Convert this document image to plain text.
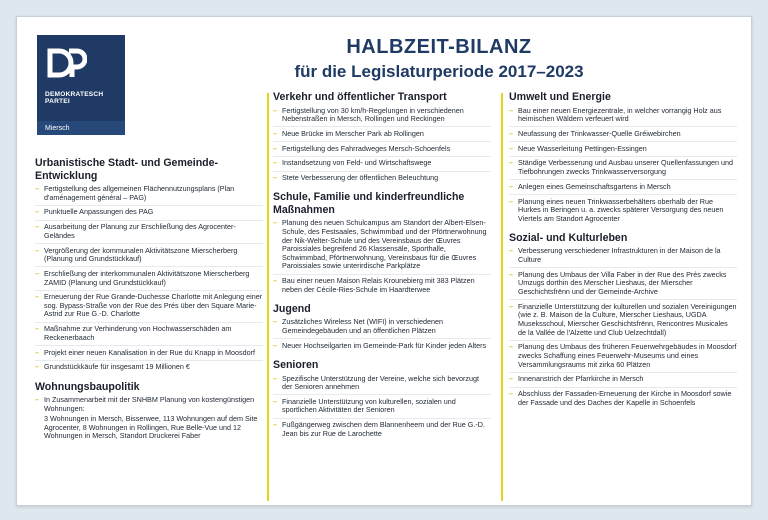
DEMOKRATESCH
PARTEI
Miersch
HALBZEIT-BILANZ
für die Legislaturperiode 2017–2023
Urbanistische Stadt- und Gemeinde-Entwicklung
– Fertigstellung des allgemeinen Flächennutzungsplans (Plan d'aménagement général – PAG)
– Punktuelle Anpassungen des PAG
– Ausarbeitung der Planung zur Erschließung des Agrocenter-Geländes
– Vergrößerung der kommunalen Aktivitätszone Mierscherberg (Planung und Grundstückkauf)
– Erschließung der interkommunalen Aktivitätszone Mierscherberg ZAMID (Planung und Grundstückkauf)
– Erneuerung der Rue Grande-Duchesse Charlotte mit Anlegung einer sog. Bypass-Straße von der Rue des Prés über den Square Marie-Astrid zur Rue G.-D. Charlotte
– Maßnahme zur Verhinderung von Hochwasserschäden am Reckenerbaach
– Projekt einer neuen Kanalisation in der Rue du Knapp in Moosdorf
– Grundstückkäufe für insgesamt 19 Millionen €
Wohnungsbaupolitik
– In Zusammenarbeit mit der SNHBM Planung von kostengünstigen Wohnungen:
3 Wohnungen in Mersch, Bisserwee, 113 Wohnungen auf dem Site Agrocenter, 8 Wohnungen in Rollingen, Rue Belle-Vue und 12 Wohnungen in Mersch, Standort Druckerei Faber
Verkehr und öffentlicher Transport
– Fertigstellung von 30 km/h-Regelungen in verschiedenen Nebenstraßen in Mersch, Rollingen und Reckingen
– Neue Brücke im Merscher Park ab Rollingen
– Fertigstellung des Fahrradweges Mersch-Schoenfels
– Instandsetzung von Feld- und Wirtschaftswege
– Stete Verbesserung der öffentlichen Beleuchtung
Schule, Familie und kinderfreundliche Maßnahmen
– Planung des neuen Schulcampus am Standort der Albert-Elsen-Schule, des Festsaales, Schwimmbad und der Pförtnerwohnung der Nik-Welter-Schule und des Vereinsbaus der Œuvres Paroissiales begreifend 26 Klassensäle, Sporthalle, Schwimmbad, Pförtnerwohnung, Vereinsbaus für die Œuvres Paroissiales sowie unterirdische Parkplätze
– Bau einer neuen Maison Relais Krounebierg mit 383 Plätzen neben der Cécile-Ries-Schule im Haardterwee
Jugend
– Zusätzliches Wireless Net (WIFI) in verschiedenen Gemeindegebäuden und an öffentlichen Plätzen
– Neuer Hochseilgarten im Gemeinde-Park für Kinder jeden Alters
Senioren
– Spezifische Unterstützung der Vereine, welche sich bevorzugt der Senioren annehmen
– Finanzielle Unterstützung von kulturellen, sozialen und sportlichen Aktivitäten der Senioren
– Fußgängerweg zwischen dem Blannenheem und der Rue G.-D. Jean bis zur Rue de Larochette
Umwelt und Energie
– Bau einer neuen Energiezentrale, in welcher vorrangig Holz aus heimischen Wäldern verfeuert wird
– Neufassung der Trinkwasser-Quelle Gréiwebirchen
– Neue Wasserleitung Pettingen-Essingen
– Ständige Verbesserung und Ausbau unserer Quellenfassungen und Tiefbohrungen zwecks Trinkwasserversorgung
– Anlegen eines Gemeinschaftsgartens in Mersch
– Planung eines neuen Trinkwasserbehälters oberhalb der Rue Hurkes in Beringen u. a. zwecks späterer Versorgung des neuen Viertels am Standort Agrocenter
Sozial- und Kulturleben
– Verbesserung verschiedener Infrastrukturen in der Maison de la Culture
– Planung des Umbaus der Villa Faber in der Rue des Prés zwecks Umzugs dorthin des Merscher Lieshaus, der Mierscher Geschichtsfrënn und der Gemeinde-Archive
– Finanzielle Unterstützung der kulturellen und sozialen Vereinigungen (wie z. B. Maison de la Culture, Mierscher Lieshaus, UGDA Museksschoul, Mierscher Geschichtsfrënn, Rencontres Musicales de la Vallée de l'Alzette und Club Uelzechtdall)
– Planung des Umbaus des früheren Feuerwehrgebäudes in Moosdorf zwecks Schaffung eines Feuerwehr-Museums und eines Versammlungsraums mit zirka 60 Plätzen
– Innenanstrich der Pfarrkirche in Mersch
– Abschluss der Fassaden-Erneuerung der Kirche in Moosdorf sowie der Fassade und des Daches der Kapelle in Schoenfels
